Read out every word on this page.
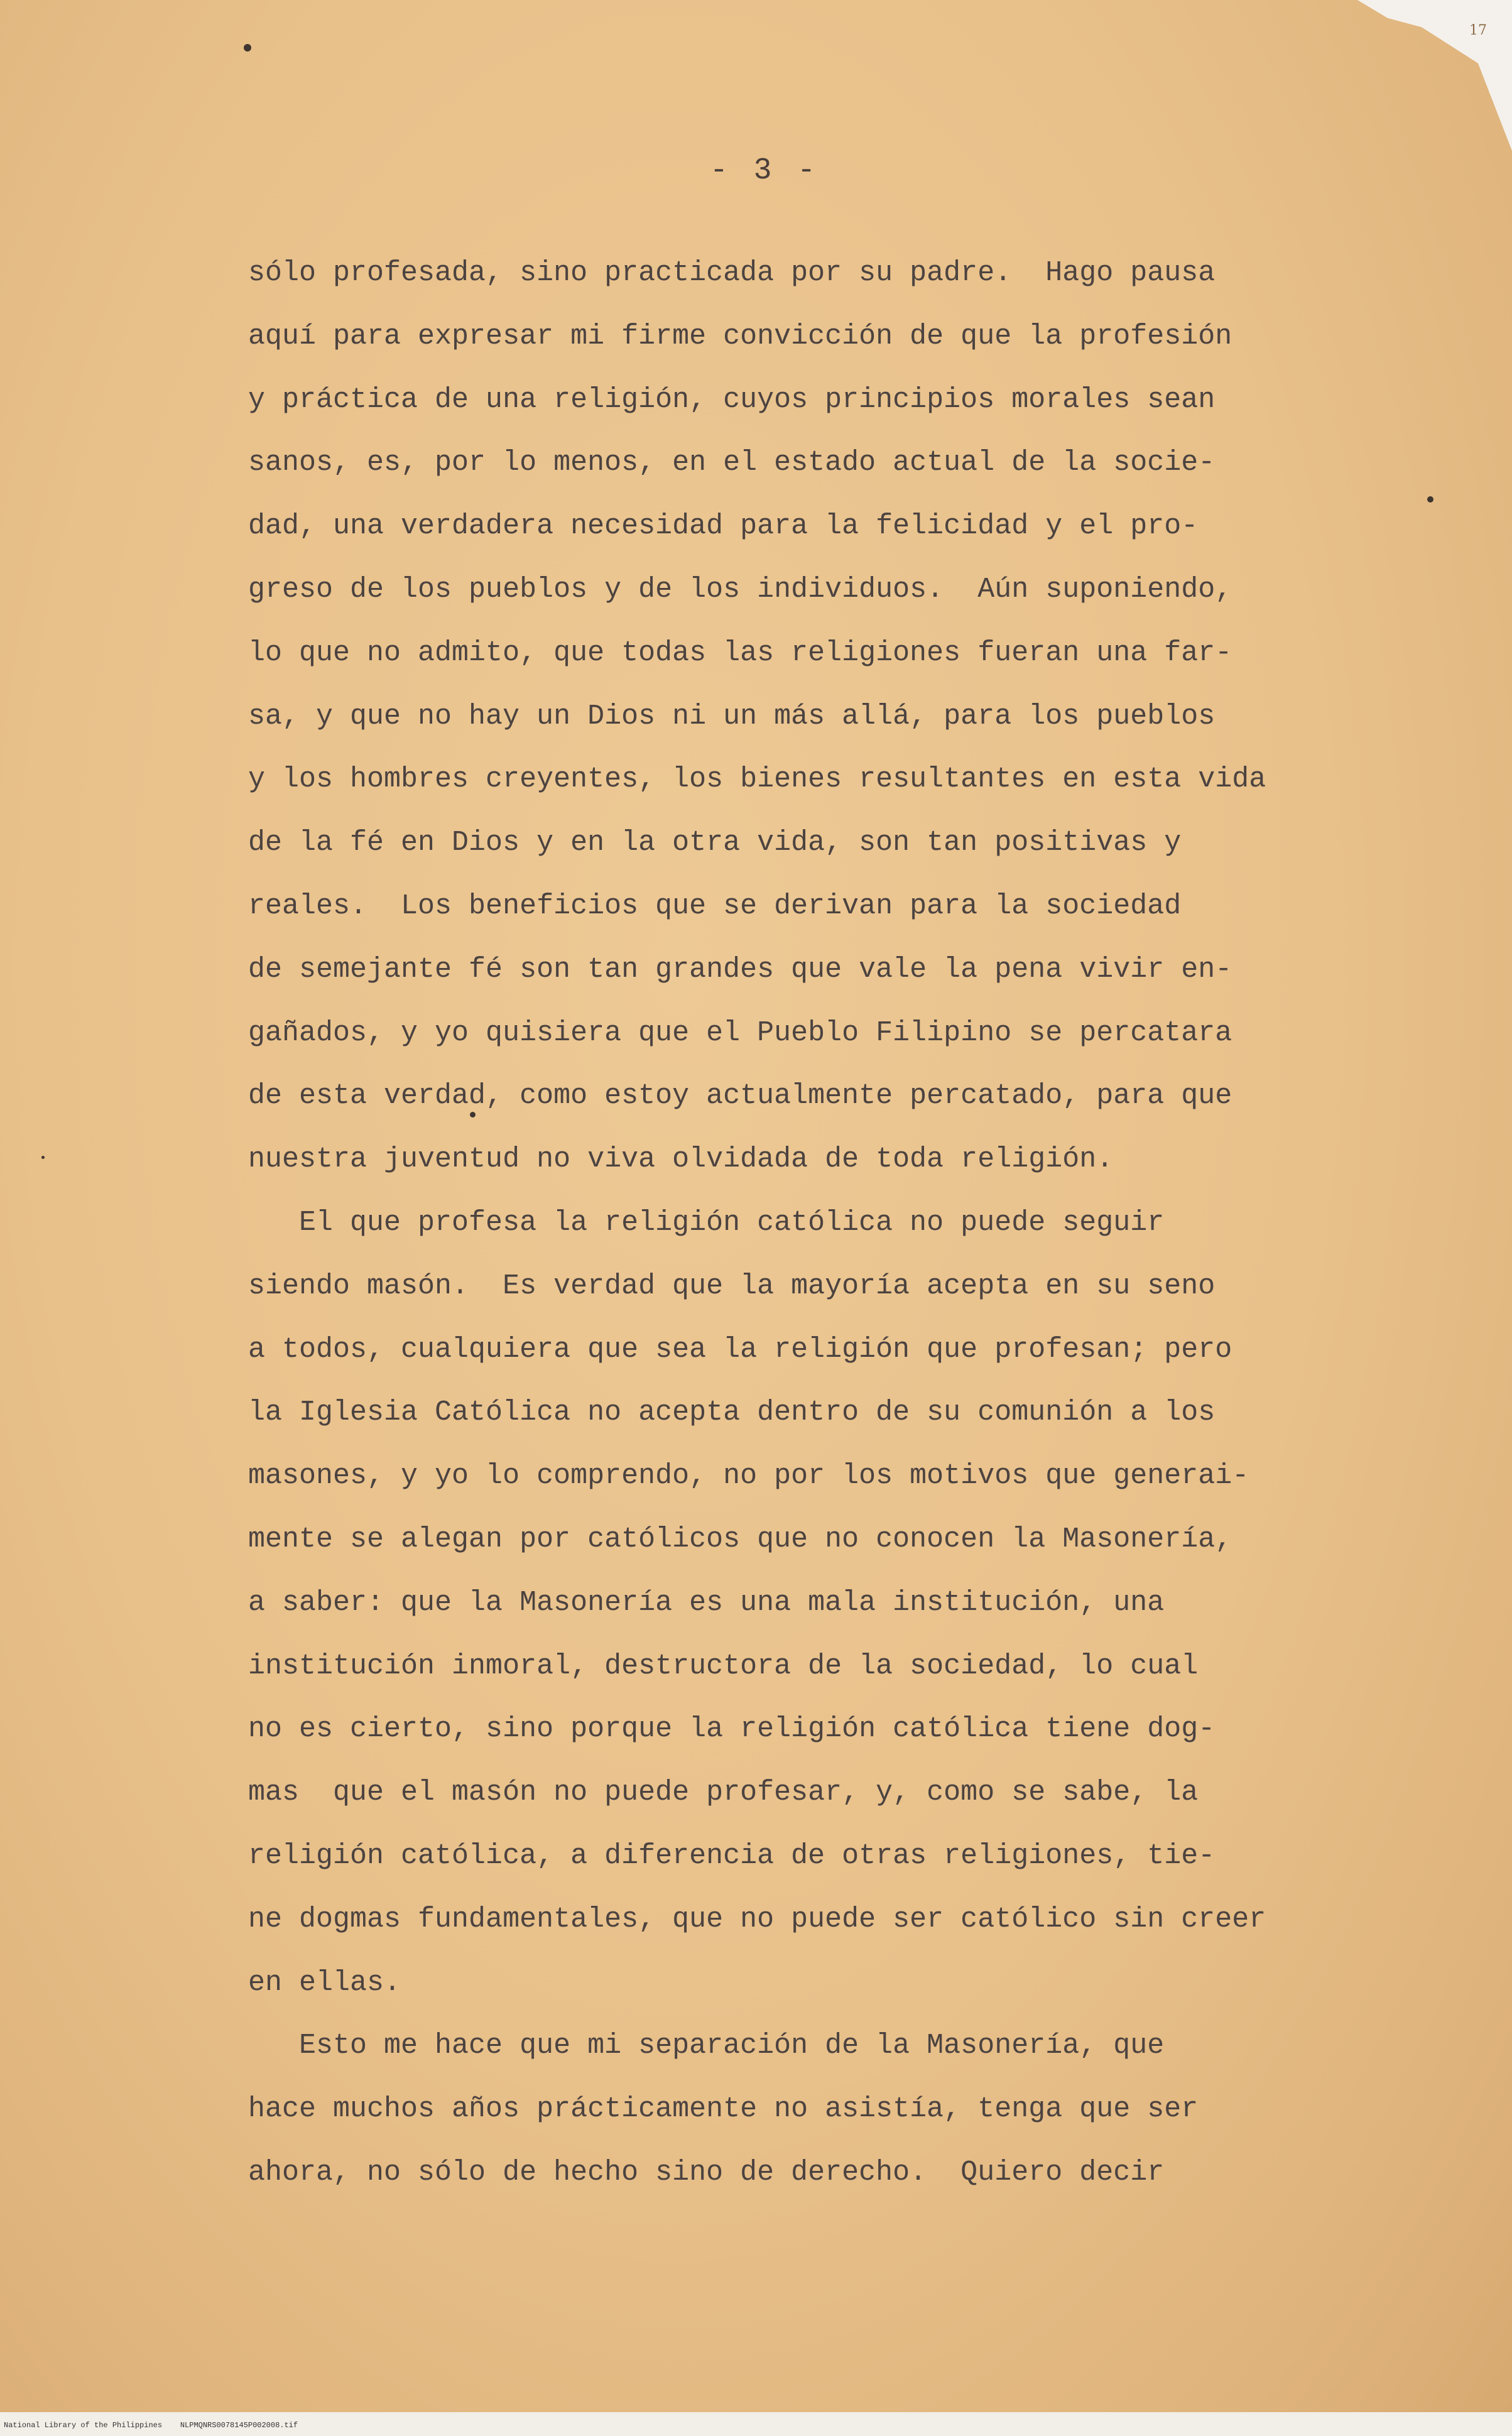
17
- 3 -
sólo profesada, sino practicada por su padre.  Hago pausa
aquí para expresar mi firme convicción de que la profesión
y práctica de una religión, cuyos principios morales sean
sanos, es, por lo menos, en el estado actual de la socie-
dad, una verdadera necesidad para la felicidad y el pro-
greso de los pueblos y de los individuos.  Aún suponiendo,
lo que no admito, que todas las religiones fueran una far-
sa, y que no hay un Dios ni un más allá, para los pueblos
y los hombres creyentes, los bienes resultantes en esta vida
de la fé en Dios y en la otra vida, son tan positivas y
reales.  Los beneficios que se derivan para la sociedad
de semejante fé son tan grandes que vale la pena vivir en-
gañados, y yo quisiera que el Pueblo Filipino se percatara
de esta verdad, como estoy actualmente percatado, para que
nuestra juventud no viva olvidada de toda religión.
El que profesa la religión católica no puede seguir
siendo masón.  Es verdad que la mayoría acepta en su seno
a todos, cualquiera que sea la religión que profesan; pero
la Iglesia Católica no acepta dentro de su comunión a los
masones, y yo lo comprendo, no por los motivos que generai-
mente se alegan por católicos que no conocen la Masonería,
a saber: que la Masonería es una mala institución, una
institución inmoral, destructora de la sociedad, lo cual
no es cierto, sino porque la religión católica tiene dog-
mas  que el masón no puede profesar, y, como se sabe, la
religión católica, a diferencia de otras religiones, tie-
ne dogmas fundamentales, que no puede ser católico sin creer
en ellas.
Esto me hace que mi separación de la Masonería, que
hace muchos años prácticamente no asistía, tenga que ser
ahora, no sólo de hecho sino de derecho.  Quiero decir
National Library of the Philippines    NLPMQNRS0078145P002008.tif
